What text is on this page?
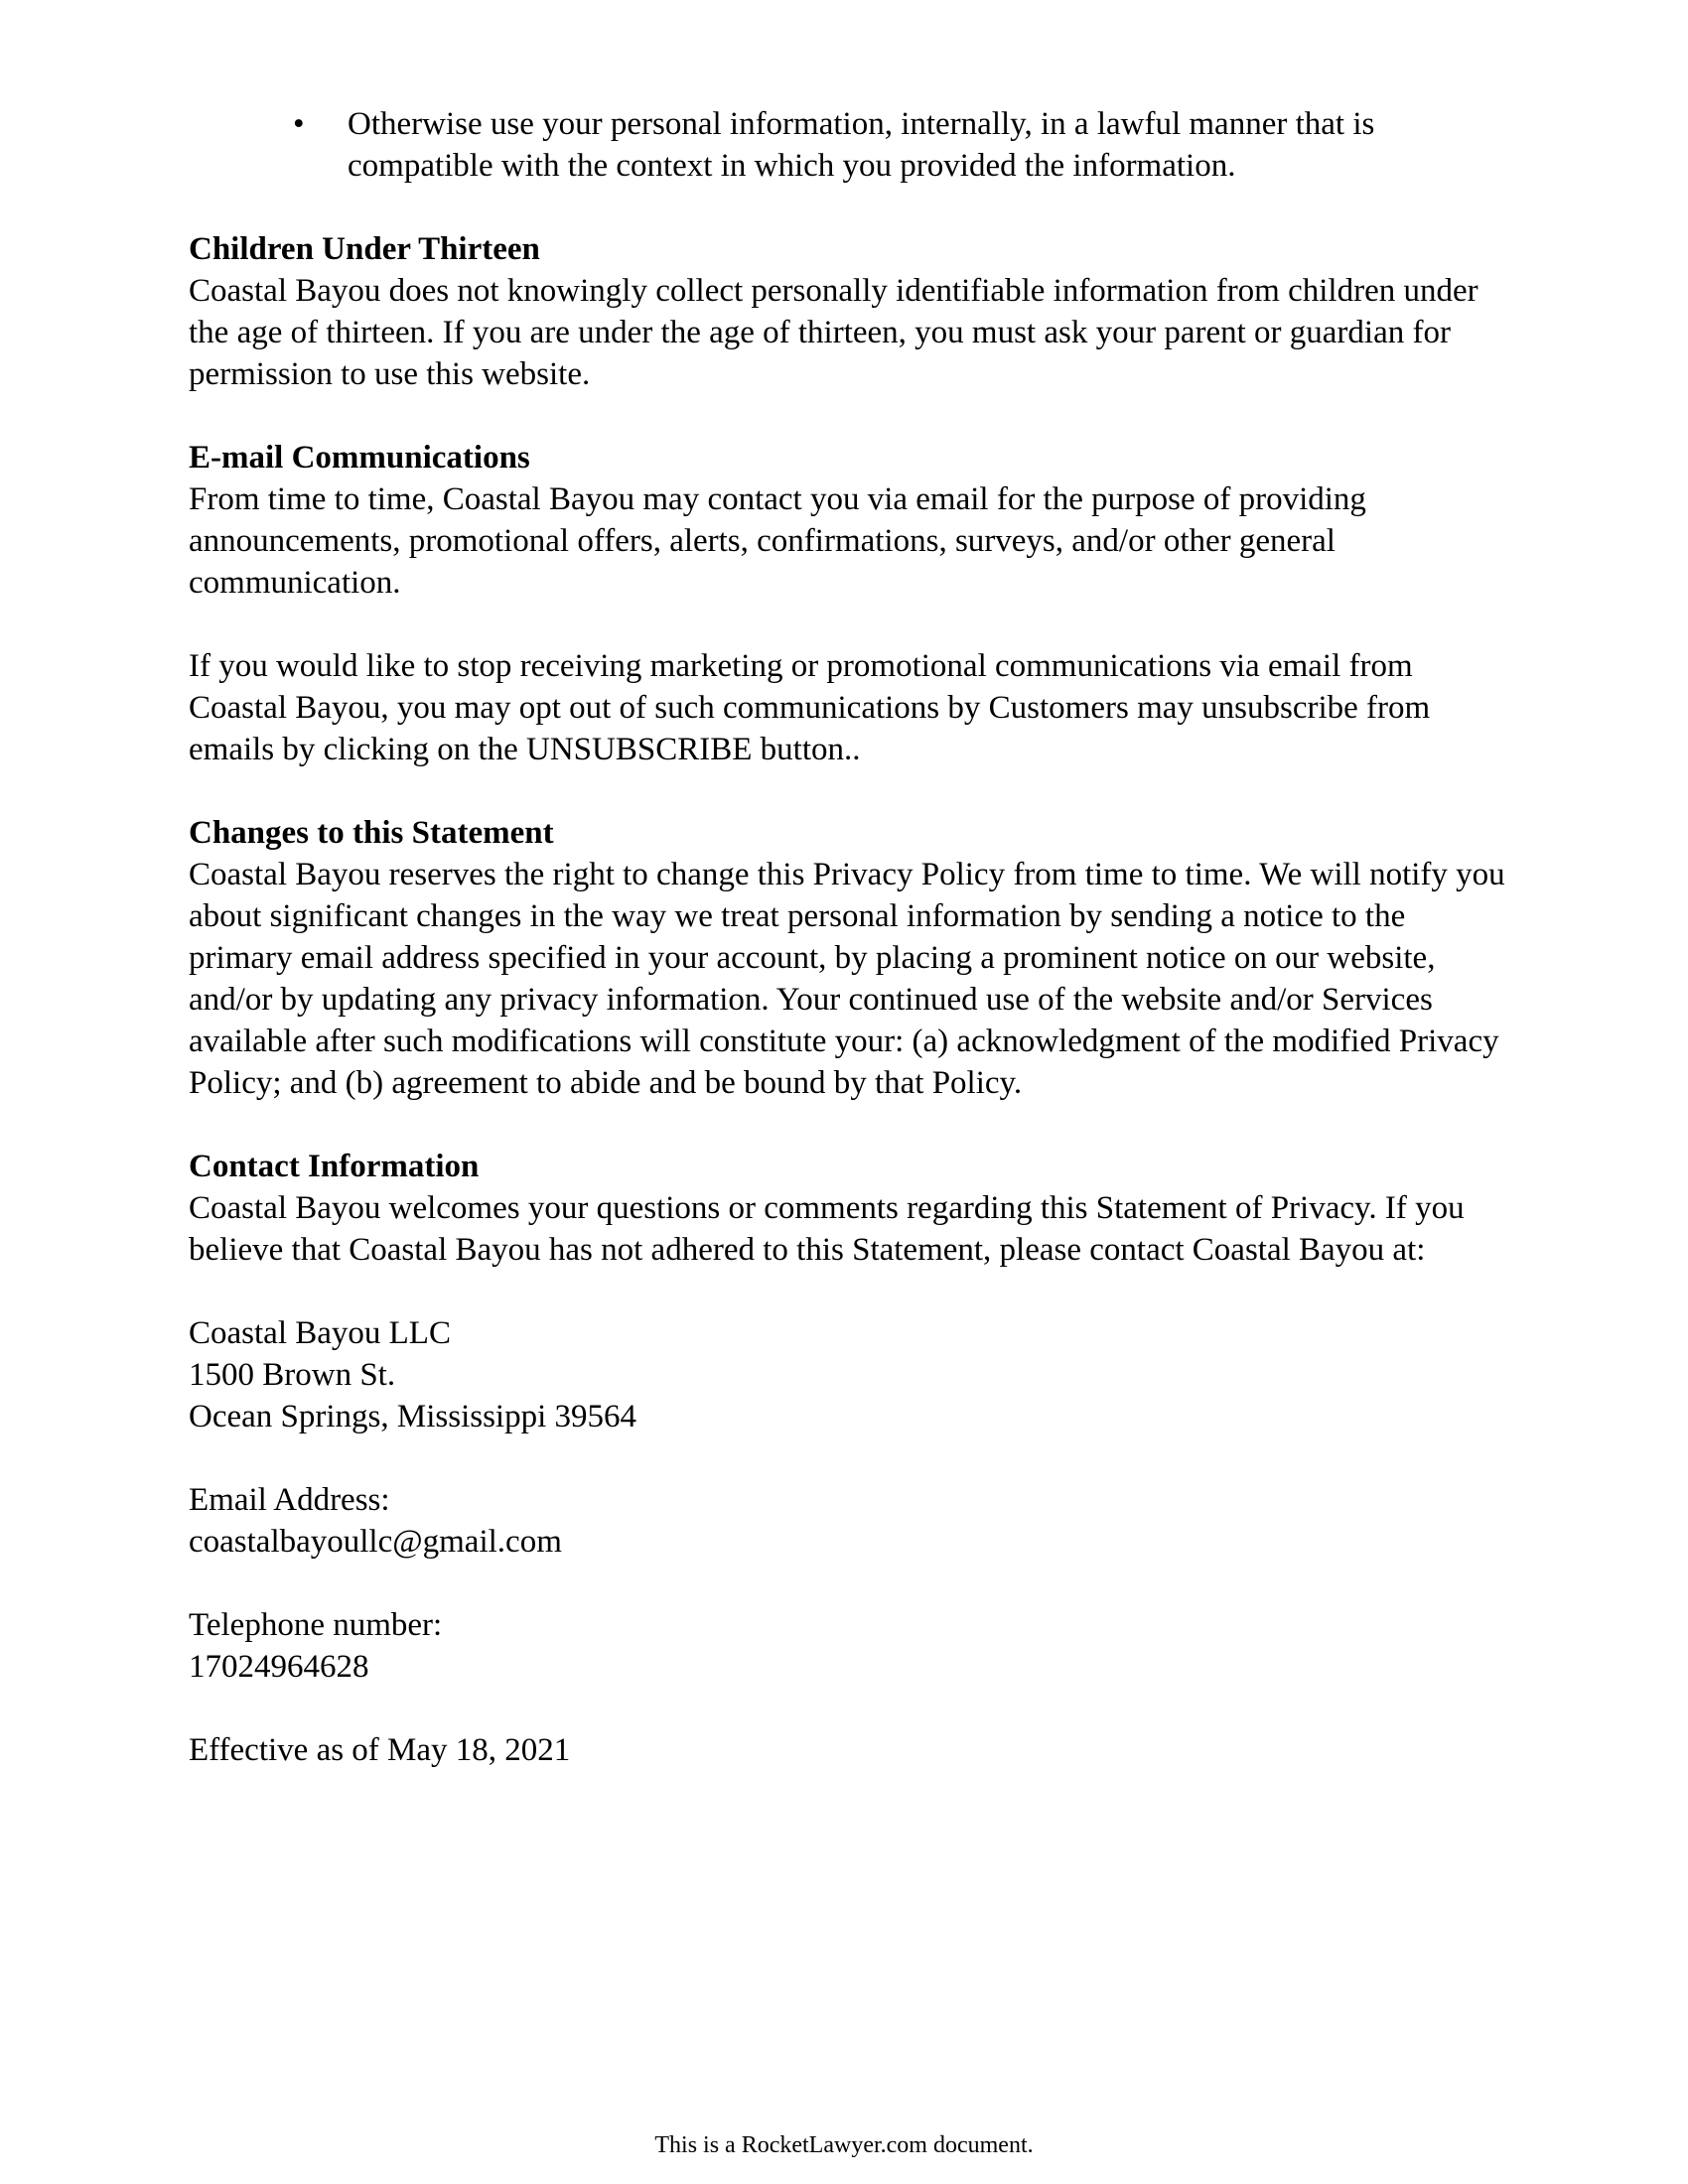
• Otherwise use your personal information, internally, in a lawful manner that is compatible with the context in which you provided the information.
Children Under Thirteen

Coastal Bayou does not knowingly collect personally identifiable information from children under the age of thirteen. If you are under the age of thirteen, you must ask your parent or guardian for permission to use this website.

E-mail Communications

From time to time, Coastal Bayou may contact you via email for the purpose of providing announcements, promotional offers, alerts, confirmations, surveys, and/or other general communication.

If you would like to stop receiving marketing or promotional communications via email from Coastal Bayou, you may opt out of such communications by Customers may unsubscribe from emails by clicking on the UNSUBSCRIBE button..

Changes to this Statement

Coastal Bayou reserves the right to change this Privacy Policy from time to time. We will notify you about significant changes in the way we treat personal information by sending a notice to the primary email address specified in your account, by placing a prominent notice on our website, and/or by updating any privacy information. Your continued use of the website and/or Services available after such modifications will constitute your: (a) acknowledgment of the modified Privacy Policy; and (b) agreement to abide and be bound by that Policy.

Contact Information

Coastal Bayou welcomes your questions or comments regarding this Statement of Privacy. If you believe that Coastal Bayou has not adhered to this Statement, please contact Coastal Bayou at:

Coastal Bayou LLC
1500 Brown St.
Ocean Springs, Mississippi 39564
Email Address:
coastalbayoullc@gmail.com
Telephone number:
17024964628
Effective as of May 18, 2021
This is a RocketLawyer.com document.
